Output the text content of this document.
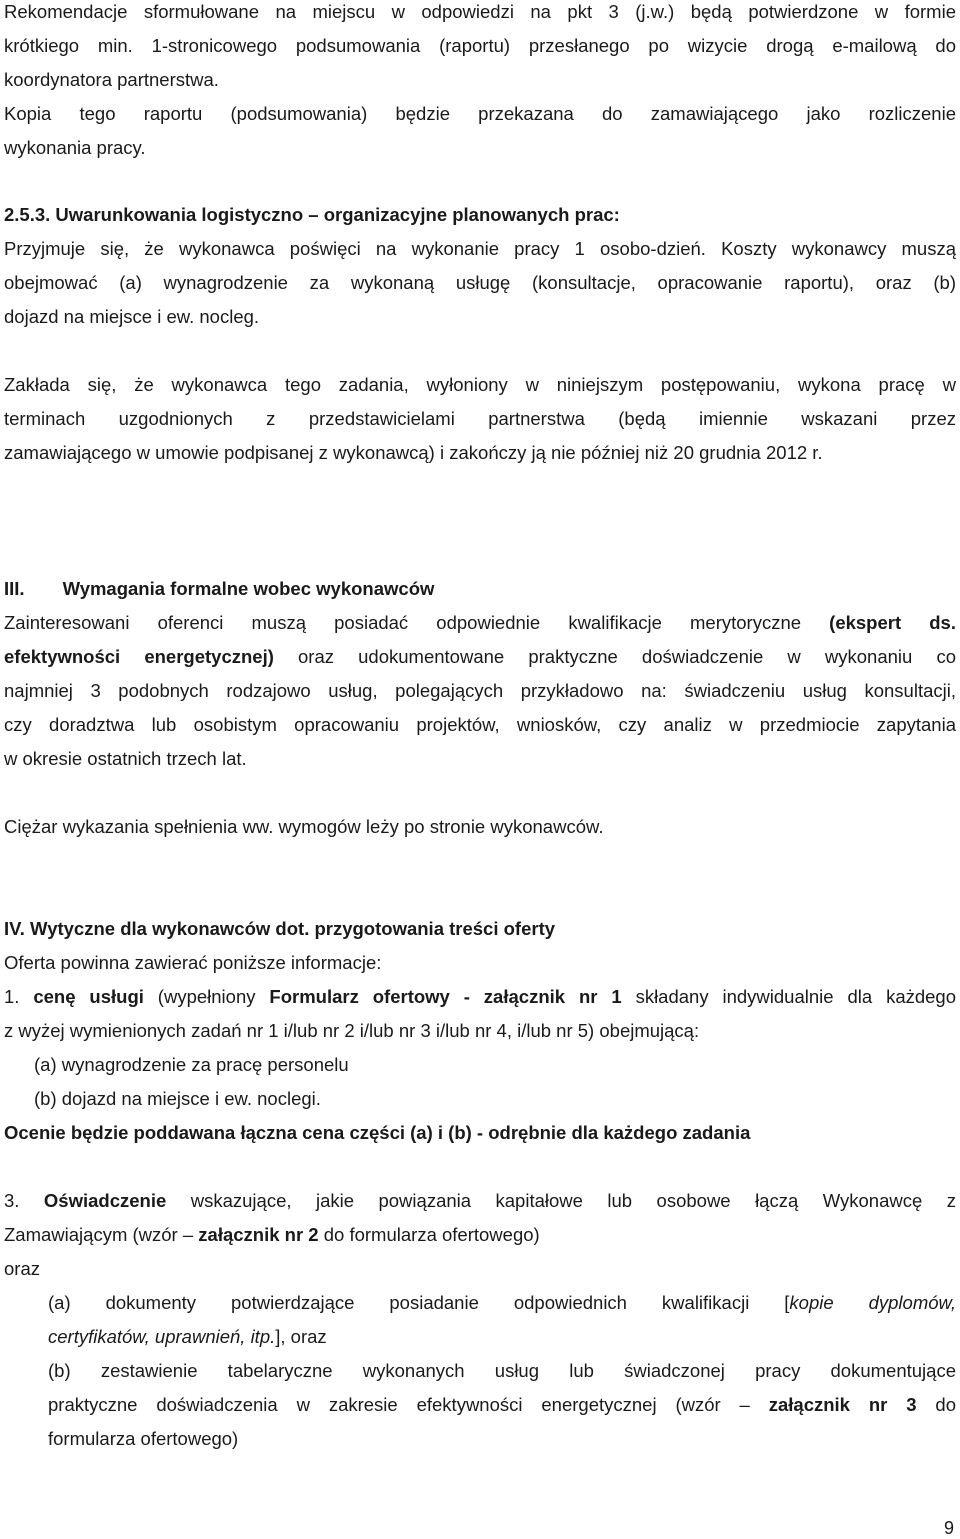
Rekomendacje sformułowane na miejscu w odpowiedzi na pkt 3 (j.w.) będą potwierdzone w formie
krótkiego min. 1-stronicowego podsumowania (raportu) przesłanego po wizycie drogą e-mailową do
koordynatora partnerstwa.
Kopia tego raportu (podsumowania) będzie przekazana do zamawiającego jako rozliczenie
wykonania pracy.
2.5.3. Uwarunkowania logistyczno – organizacyjne planowanych prac:
Przyjmuje się, że wykonawca poświęci na wykonanie pracy 1 osobo-dzień. Koszty wykonawcy muszą
obejmować (a) wynagrodzenie za wykonaną usługę (konsultacje, opracowanie raportu), oraz (b)
dojazd na miejsce i ew. nocleg.
Zakłada się, że wykonawca tego zadania, wyłoniony w niniejszym postępowaniu, wykona pracę w
terminach uzgodnionych z przedstawicielami partnerstwa (będą imiennie wskazani przez
zamawiającego w umowie podpisanej z wykonawcą) i zakończy ją nie później niż 20 grudnia 2012 r.
III. Wymagania formalne wobec wykonawców
Zainteresowani oferenci muszą posiadać odpowiednie kwalifikacje merytoryczne (ekspert ds.
efektywności energetycznej) oraz udokumentowane praktyczne doświadczenie w wykonaniu co
najmniej 3 podobnych rodzajowo usług, polegających przykładowo na: świadczeniu usług konsultacji,
czy doradztwa lub osobistym opracowaniu projektów, wniosków, czy analiz w przedmiocie zapytania
w okresie ostatnich trzech lat.
Ciężar wykazania spełnienia ww. wymogów leży po stronie wykonawców.
IV. Wytyczne dla wykonawców dot. przygotowania treści oferty
Oferta powinna zawierać poniższe informacje:
1. cenę usługi (wypełniony Formularz ofertowy - załącznik nr 1 składany indywidualnie dla każdego
z wyżej wymienionych zadań nr 1 i/lub nr 2 i/lub nr 3 i/lub nr 4, i/lub nr 5) obejmującą:
(a) wynagrodzenie za pracę personelu
(b) dojazd na miejsce i ew. noclegi.
Ocenie będzie poddawana łączna cena części (a) i (b) - odrębnie dla każdego zadania
3. Oświadczenie wskazujące, jakie powiązania kapitałowe lub osobowe łączą Wykonawcę z
Zamawiającym (wzór – załącznik nr 2 do formularza ofertowego)
oraz
(a) dokumenty potwierdzające posiadanie odpowiednich kwalifikacji [kopie dyplomów,
certyfikatów, uprawnień, itp.], oraz
(b) zestawienie tabelaryczne wykonanych usług lub świadczonej pracy dokumentujące
praktyczne doświadczenia w zakresie efektywności energetycznej (wzór – załącznik nr 3 do
formularza ofertowego)
9
